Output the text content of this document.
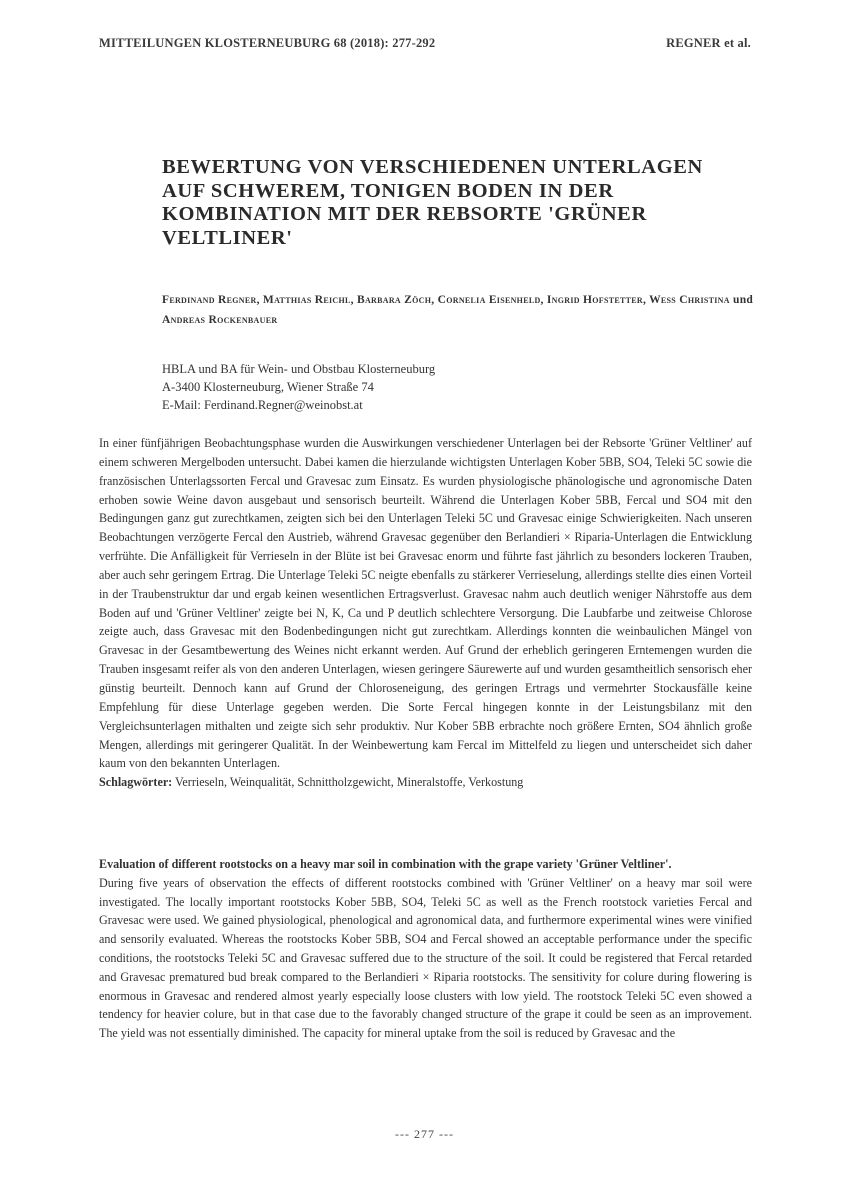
MITTEILUNGEN KLOSTERNEUBURG 68 (2018): 277-292	REGNER et al.
BEWERTUNG VON VERSCHIEDENEN UNTERLAGEN AUF SCHWEREM, TONIGEN BODEN IN DER KOMBINATION MIT DER REBSORTE 'GRÜNER VELTLINER'
Ferdinand Regner, Matthias Reichl, Barbara Zöch, Cornelia Eisenheld, Ingrid Hofstetter, Wess Christina und Andreas Rockenbauer
HBLA und BA für Wein- und Obstbau Klosterneuburg
A-3400 Klosterneuburg, Wiener Straße 74
E-Mail: Ferdinand.Regner@weinobst.at

In einer fünfjährigen Beobachtungsphase wurden die Auswirkungen verschiedener Unterlagen bei der Rebsorte 'Grüner Veltliner' auf einem schweren Mergelboden untersucht. Dabei kamen die hierzulande wichtigsten Unterlagen Kober 5BB, SO4, Teleki 5C sowie die französischen Unterlagssorten Fercal und Gravesac zum Einsatz. Es wurden physiologische phänologische und agronomische Daten erhoben sowie Weine davon ausgebaut und sensorisch beurteilt. Während die Unterlagen Kober 5BB, Fercal und SO4 mit den Bedingungen ganz gut zurechtkamen, zeigten sich bei den Unterlagen Teleki 5C und Gravesac einige Schwierigkeiten. Nach unseren Beobachtungen verzögerte Fercal den Austrieb, während Gravesac gegenüber den Berlandieri × Riparia-Unterlagen die Entwicklung verfrühte. Die Anfälligkeit für Verrieseln in der Blüte ist bei Gravesac enorm und führte fast jährlich zu besonders lockeren Trauben, aber auch sehr geringem Ertrag. Die Unterlage Teleki 5C neigte ebenfalls zu stärkerer Verrieselung, allerdings stellte dies einen Vorteil in der Traubenstruktur dar und ergab keinen wesentlichen Ertragsverlust. Gravesac nahm auch deutlich weniger Nährstoffe aus dem Boden auf und 'Grüner Veltliner' zeigte bei N, K, Ca und P deutlich schlechtere Versorgung. Die Laubfarbe und zeitweise Chlorose zeigte auch, dass Gravesac mit den Bodenbedingungen nicht gut zurechtkam. Allerdings konnten die weinbaulichen Mängel von Gravesac in der Gesamtbewertung des Weines nicht erkannt werden. Auf Grund der erheblich geringeren Erntemengen wurden die Trauben insgesamt reifer als von den anderen Unterlagen, wiesen geringere Säurewerte auf und wurden gesamtheitlich sensorisch eher günstig beurteilt. Dennoch kann auf Grund der Chloroseneigung, des geringen Ertrags und vermehrter Stockausfälle keine Empfehlung für diese Unterlage gegeben werden. Die Sorte Fercal hingegen konnte in der Leistungsbilanz mit den Vergleichsunterlagen mithalten und zeigte sich sehr produktiv. Nur Kober 5BB erbrachte noch größere Ernten, SO4 ähnlich große Mengen, allerdings mit geringerer Qualität. In der Weinbewertung kam Fercal im Mittelfeld zu liegen und unterscheidet sich daher kaum von den bekannten Unterlagen.

Schlagwörter: Verrieseln, Weinqualität, Schnittholzgewicht, Mineralstoffe, Verkostung

Evaluation of different rootstocks on a heavy mar soil in combination with the grape variety 'Grüner Veltliner'.

During five years of observation the effects of different rootstocks combined with 'Grüner Veltliner' on a heavy mar soil were investigated. The locally important rootstocks Kober 5BB, SO4, Teleki 5C as well as the French rootstock varieties Fercal and Gravesac were used. We gained physiological, phenological and agronomical data, and furthermore experimental wines were vinified and sensorily evaluated. Whereas the rootstocks Kober 5BB, SO4 and Fercal showed an acceptable performance under the specific conditions, the rootstocks Teleki 5C and Gravesac suffered due to the structure of the soil. It could be registered that Fercal retarded and Gravesac prematured bud break compared to the Berlandieri × Riparia rootstocks. The sensitivity for colure during flowering is enormous in Gravesac and rendered almost yearly especially loose clusters with low yield. The rootstock Teleki 5C even showed a tendency for heavier colure, but in that case due to the favorably changed structure of the grape it could be seen as an improvement. The yield was not essentially diminished. The capacity for mineral uptake from the soil is reduced by Gravesac and the

--- 277 ---
